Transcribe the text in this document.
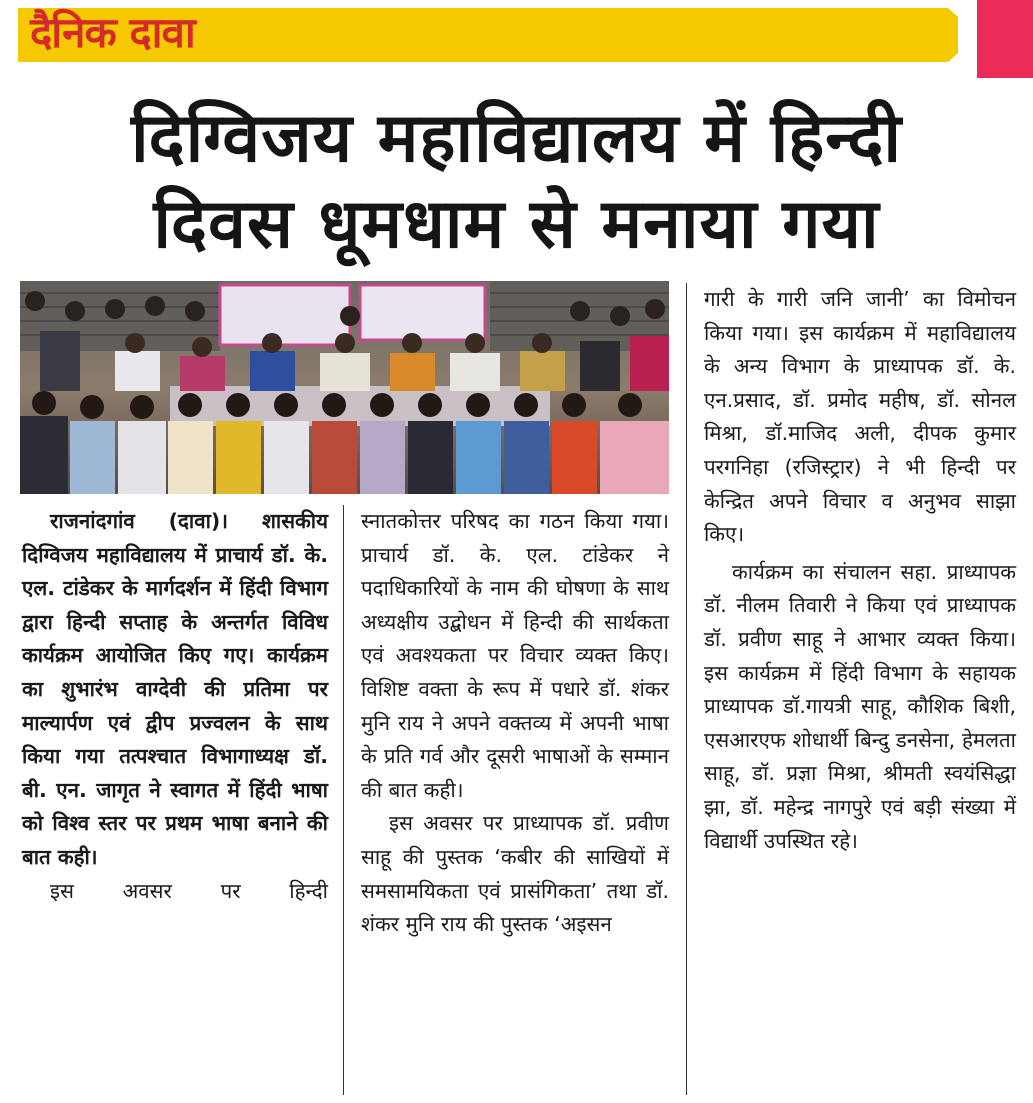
दैनिक दावा
दिग्विजय महाविद्यालय में हिन्दी
दिवस धूमधाम से मनाया गया

राजनांदगांव (दावा)। शासकीय दिग्विजय महाविद्यालय में प्राचार्य डॉ. के. एल. टांडेकर के मार्गदर्शन में हिंदी विभाग द्वारा हिन्दी सप्ताह के अन्तर्गत विविध कार्यक्रम आयोजित किए गए। कार्यक्रम का शुभारंभ वाग्देवी की प्रतिमा पर माल्यार्पण एवं द्वीप प्रज्वलन के साथ किया गया तत्पश्चात विभागाध्यक्ष डॉ. बी. एन. जागृत ने स्वागत में हिंदी भाषा को विश्व स्तर पर प्रथम भाषा बनाने की बात कही।

इस अवसर पर हिन्दी

स्नातकोत्तर परिषद का गठन किया गया। प्राचार्य डॉ. के. एल. टांडेकर ने पदाधिकारियों के नाम की घोषणा के साथ अध्यक्षीय उद्बोधन में हिन्दी की सार्थकता एवं अवश्यकता पर विचार व्यक्त किए। विशिष्ट वक्ता के रूप में पधारे डॉ. शंकर मुनि राय ने अपने वक्तव्य में अपनी भाषा के प्रति गर्व और दूसरी भाषाओं के सम्मान की बात कही।

इस अवसर पर प्राध्यापक डॉ. प्रवीण साहू की पुस्तक ‘कबीर की साखियों में समसामयिकता एवं प्रासंगिकता’ तथा डॉ. शंकर मुनि राय की पुस्तक ‘अइसन

गारी के गारी जनि जानी’ का विमोचन किया गया। इस कार्यक्रम में महाविद्यालय के अन्य विभाग के प्राध्यापक डॉ. के. एन.प्रसाद, डॉ. प्रमोद महीष, डॉ. सोनल मिश्रा, डॉ.माजिद अली, दीपक कुमार परगनिहा (रजिस्ट्रार) ने भी हिन्दी पर केन्द्रित अपने विचार व अनुभव साझा किए।

कार्यक्रम का संचालन सहा. प्राध्यापक डॉ. नीलम तिवारी ने किया एवं प्राध्यापक डॉ. प्रवीण साहू ने आभार व्यक्त किया। इस कार्यक्रम में हिंदी विभाग के सहायक प्राध्यापक डॉ.गायत्री साहू, कौशिक बिशी, एसआरएफ शोधार्थी बिन्दु डनसेना, हेमलता साहू, डॉ. प्रज्ञा मिश्रा, श्रीमती स्वयंसिद्धा झा, डॉ. महेन्द्र नागपुरे एवं बड़ी संख्या में विद्यार्थी उपस्थित रहे।
